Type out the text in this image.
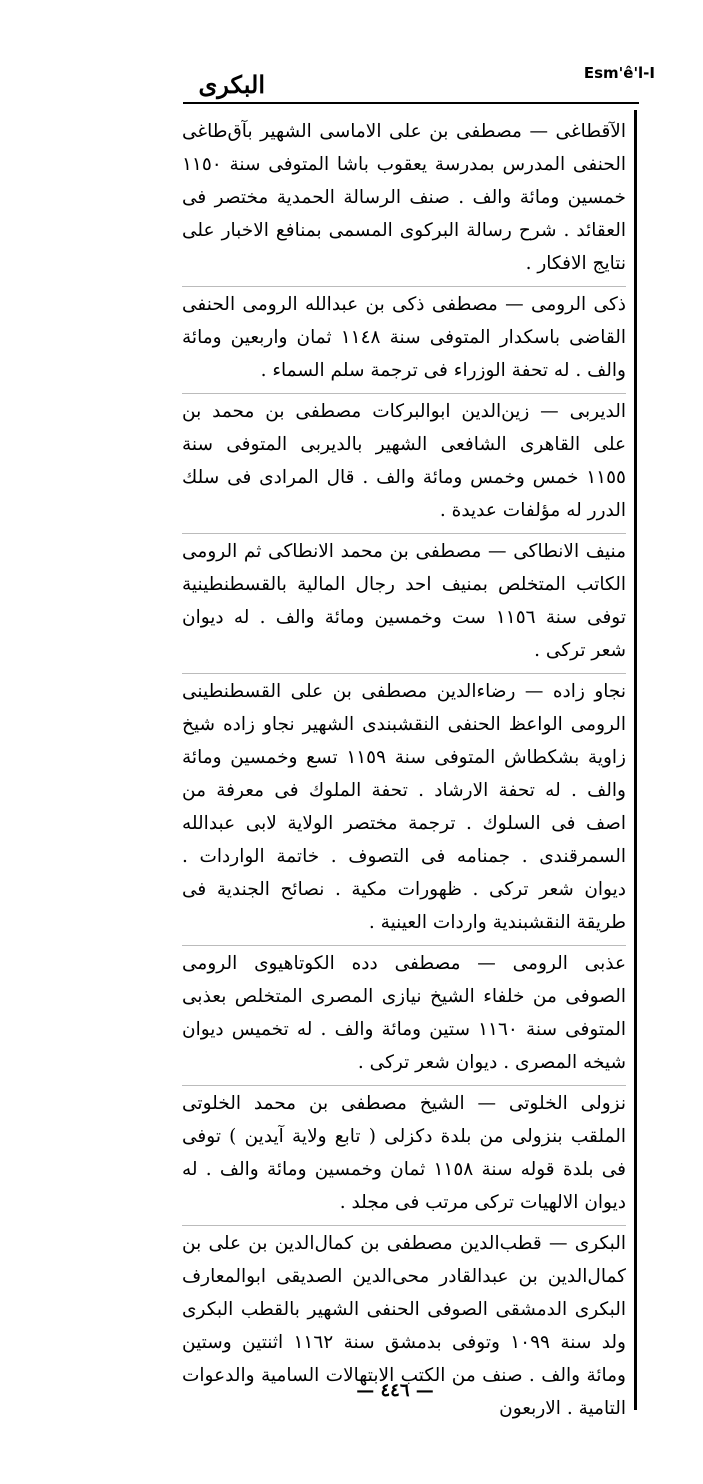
Esm'ê'l-I
البكرى

الآقطاغى — مصطفى بن على الاماسى الشهير بآق‌طاغى الحنفى المدرس بمدرسة يعقوب باشا المتوفى سنة ١١٥٠ خمسين ومائة والف . صنف الرسالة الحمدية مختصر فى العقائد . شرح رسالة البركوى المسمى بمنافع الاخبار على نتايج الافكار .

ذكى الرومى — مصطفى ذكى بن عبدالله الرومى الحنفى القاضى باسكدار المتوفى سنة ١١٤٨ ثمان واربعين ومائة والف . له تحفة الوزراء فى ترجمة سلم السماء .

الديربى — زين‌الدين ابوالبركات مصطفى بن محمد بن على القاهرى الشافعى الشهير بالديربى المتوفى سنة ١١٥٥ خمس وخمس ومائة والف . قال المرادى فى سلك الدرر له مؤلفات عديدة .

منيف الانطاكى — مصطفى بن محمد الانطاكى ثم الرومى الكاتب المتخلص بمنيف احد رجال المالية بالقسطنطينية توفى سنة ١١٥٦ ست وخمسين ومائة والف . له ديوان شعر تركى .

نجاو زاده — رضاءالدين مصطفى بن على القسطنطينى الرومى الواعظ الحنفى النقشبندى الشهير نجاو زاده شيخ زاوية بشكطاش المتوفى سنة ١١٥٩ تسع وخمسين ومائة والف . له تحفة الارشاد . تحفة الملوك فى معرفة من اصف فى السلوك . ترجمة مختصر الولاية لابى عبدالله السمرقندى . جمنامه فى التصوف . خاتمة الواردات . ديوان شعر تركى . ظهورات مكية . نصائح الجندية فى طريقة النقشبندية واردات العينية .

عذبى الرومى — مصطفى دده الكوتاهيوى الرومى الصوفى من خلفاء الشيخ نيازى المصرى المتخلص بعذبى المتوفى سنة ١١٦٠ ستين ومائة والف . له تخميس ديوان شيخه المصرى . ديوان شعر تركى .

نزولى الخلوتى — الشيخ مصطفى بن محمد الخلوتى الملقب بنزولى من بلدة دكزلى ( تابع ولاية آيدين ) توفى فى بلدة قوله سنة ١١٥٨ ثمان وخمسين ومائة والف . له ديوان الالهيات تركى مرتب فى مجلد .

البكرى — قطب‌الدين مصطفى بن كمال‌الدين بن على بن كمال‌الدين بن عبدالقادر محى‌الدين الصديقى ابوالمعارف البكرى الدمشقى الصوفى الحنفى الشهير بالقطب البكرى ولد سنة ١٠٩٩ وتوفى بدمشق سنة ١١٦٢ اثنتين وستين ومائة والف . صنف من الكتب الابتهالات السامية والدعوات التامية . الاربعون

— ٤٤٦ —
